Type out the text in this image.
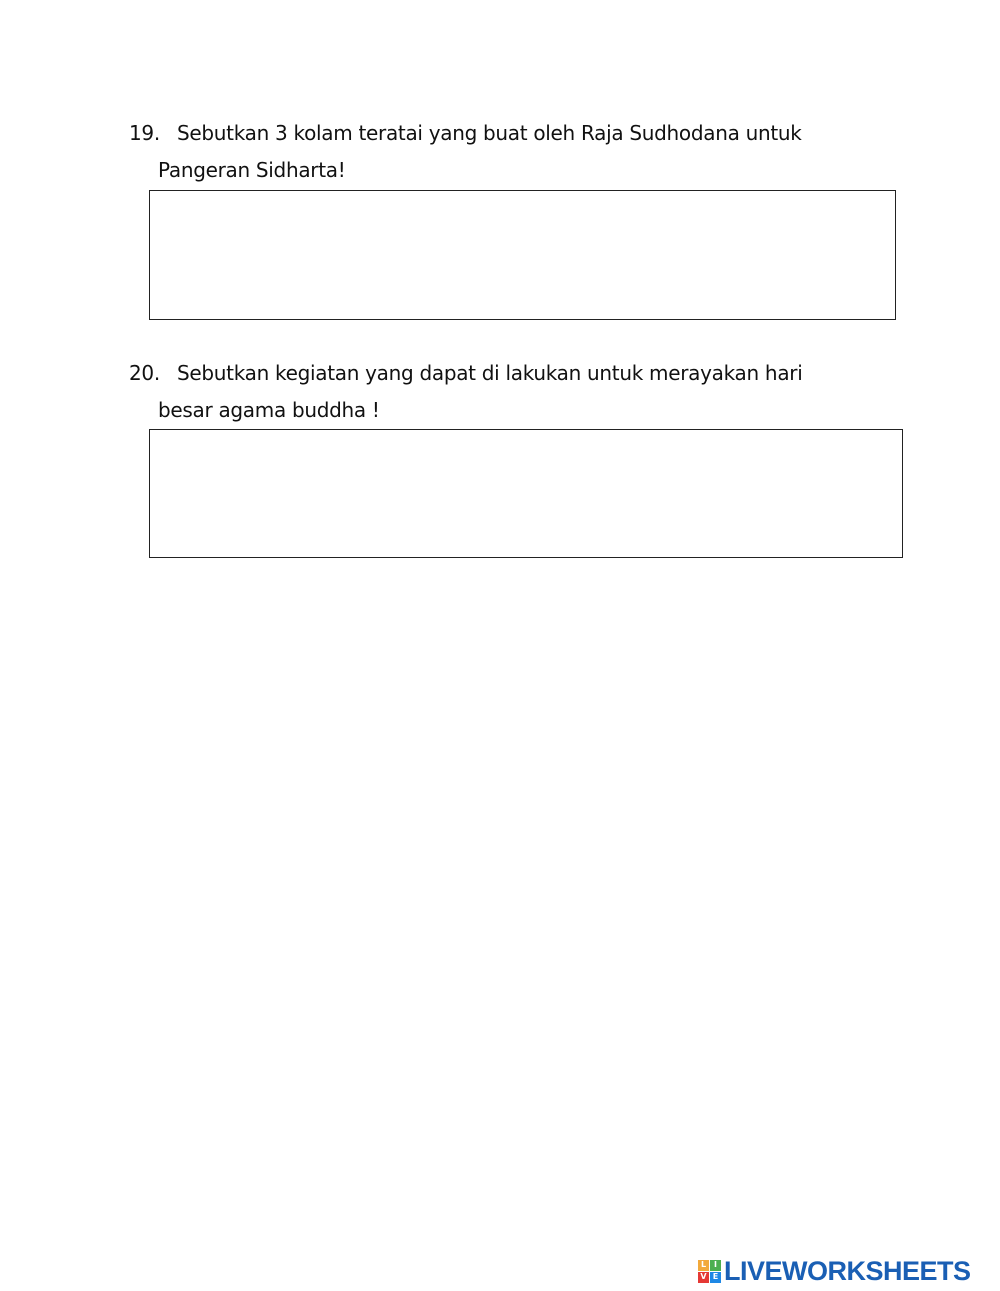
19. Sebutkan 3 kolam teratai yang buat oleh Raja Sudhodana untuk
Pangeran Sidharta!
20. Sebutkan kegiatan yang dapat di lakukan untuk merayakan hari
besar agama buddha !
L I
V E LIVEWORKSHEETS
